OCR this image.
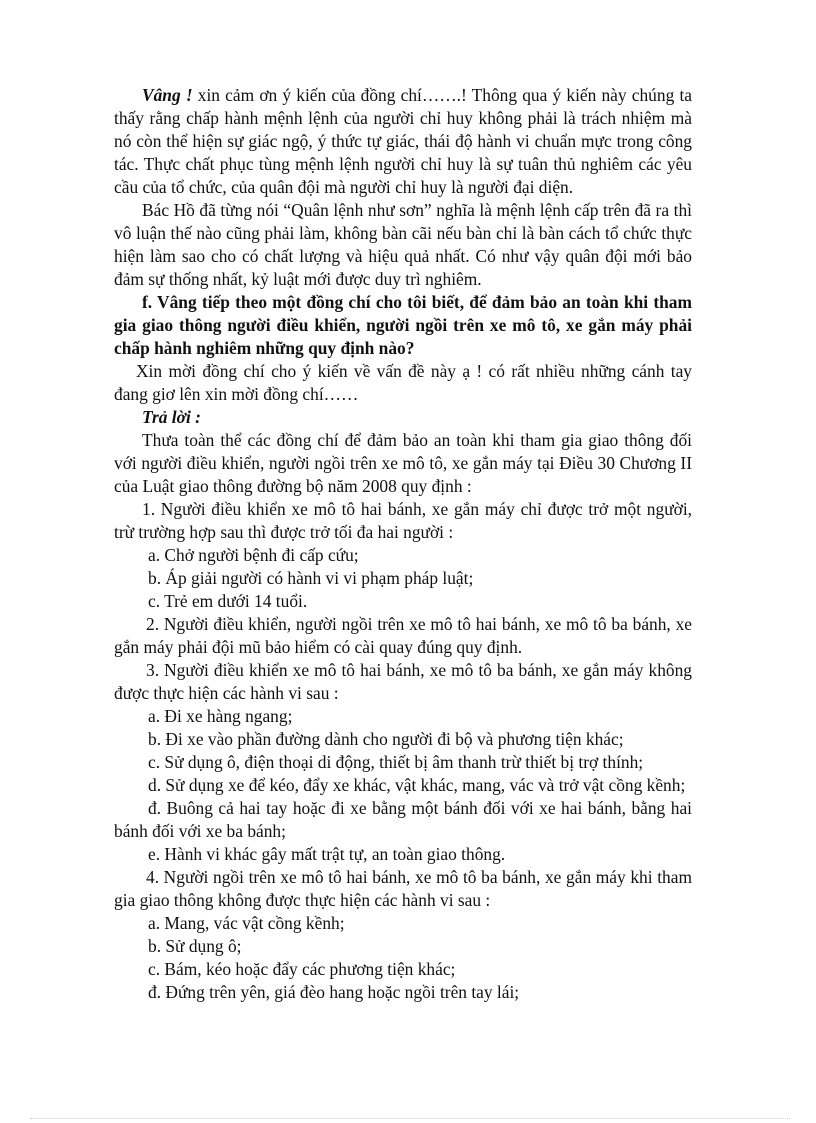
Vâng ! xin cảm ơn ý kiến của đồng chí…….! Thông qua ý kiến này chúng ta thấy rằng chấp hành mệnh lệnh của người chỉ huy không phải là trách nhiệm mà nó còn thể hiện sự giác ngộ, ý thức tự giác, thái độ hành vi chuẩn mực trong công tác. Thực chất phục tùng mệnh lệnh người chỉ huy là sự tuân thủ nghiêm các yêu cầu của tổ chức, của quân đội mà người chỉ huy là người đại diện.

Bác Hồ đã từng nói “Quân lệnh như sơn” nghĩa là mệnh lệnh cấp trên đã ra thì vô luận thế nào cũng phải làm, không bàn cãi nếu bàn chỉ là bàn cách tổ chức thực hiện làm sao cho có chất lượng và hiệu quả nhất. Có như vậy quân đội mới bảo đảm sự thống nhất, kỷ luật mới được duy trì nghiêm.

f. Vâng tiếp theo một đồng chí cho tôi biết, để đảm bảo an toàn khi tham gia giao thông người điều khiển, người ngồi trên xe mô tô, xe gắn máy phải chấp hành nghiêm những quy định nào?

Xin mời đồng chí cho ý kiến về vấn đề này ạ ! có rất nhiều những cánh tay đang giơ lên xin mời đồng chí……

Trả lời :

Thưa toàn thể các đồng chí để đảm bảo an toàn khi tham gia giao thông đối với người điều khiển, người ngồi trên xe mô tô, xe gắn máy tại Điều 30 Chương II của Luật giao thông đường bộ năm 2008 quy định :

1. Người điều khiển xe mô tô hai bánh, xe gắn máy chỉ được trở một người, trừ trường hợp sau thì được trở tối đa hai người :

a. Chở người bệnh đi cấp cứu;

b. Áp giải người có hành vi vi phạm pháp luật;

c. Trẻ em dưới 14 tuổi.

2. Người điều khiển, người ngồi trên xe mô tô hai bánh, xe mô tô ba bánh, xe gắn máy phải đội mũ bảo hiểm có cài quay đúng quy định.

3. Người điều khiển xe mô tô hai bánh, xe mô tô ba bánh, xe gắn máy không được thực hiện các hành vi sau :

a. Đi xe hàng ngang;

b. Đi xe vào phần đường dành cho người đi bộ và phương tiện khác;

c. Sử dụng ô, điện thoại di động, thiết bị âm thanh trừ thiết bị trợ thính;

d. Sử dụng xe để kéo, đẩy xe khác, vật khác, mang, vác và trở vật cồng kềnh;

đ. Buông cả hai tay hoặc đi xe bằng một bánh đối với xe hai bánh, bằng hai bánh đối với xe ba bánh;

e. Hành vi khác gây mất trật tự, an toàn giao thông.

4. Người ngồi trên xe mô tô hai bánh, xe mô tô ba bánh, xe gắn máy khi tham gia giao thông không được thực hiện các hành vi sau :

a. Mang, vác vật cồng kềnh;

b. Sử dụng ô;

c. Bám, kéo hoặc đẩy các phương tiện khác;

đ. Đứng trên yên, giá đèo hang hoặc ngồi trên tay lái;
